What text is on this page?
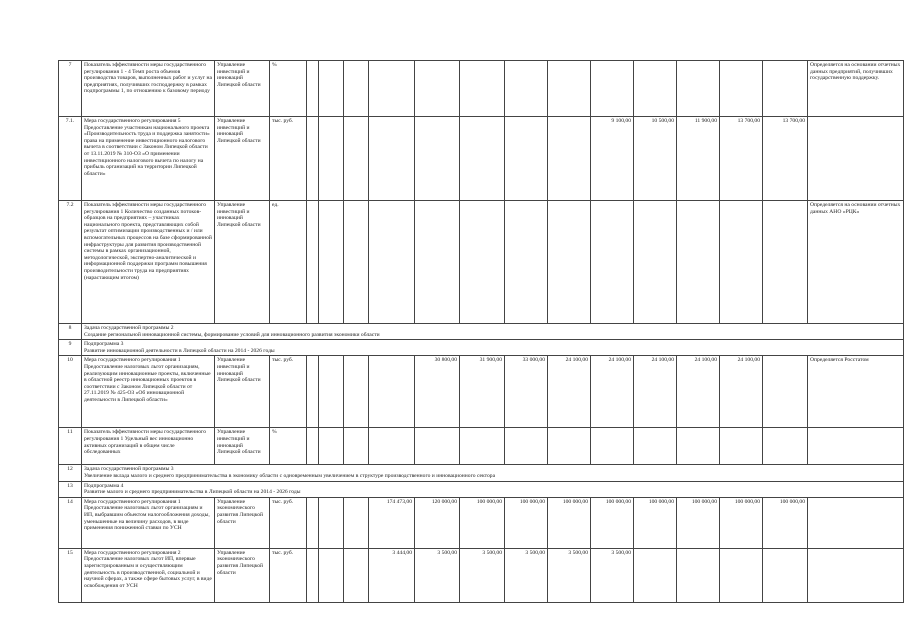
7	Показатель эффективности меры государственного регулирования 1 - 4 Темп роста объемов производства товаров, выполненных работ и услуг на предприятиях, получивших господдержку в рамках подпрограммы 1, по отношению к базовому периоду	Управление инвестиций и инноваций Липецкой области	%														Определяется на основании отчетных данных предприятий, получивших государственную поддержку.
7.1.	Мера государственного регулирования 5 Предоставление участникам национального проекта «Производительность труда и поддержка занятости» права на применение инвестиционного налогового вычета в соответствии с Законом Липецкой области от 13.11.2019 № 310-ОЗ «О применении инвестиционного налогового вычета по налогу на прибыль организаций на территории Липецкой области»	Управление инвестиций и инноваций Липецкой области	тыс. руб.									9 100,00	10 500,00	11 900,00	13 700,00	13 700,00	
7.2	Показатель эффективности меры государственного регулирования 1 Количество созданных потоков-образцов на предприятиях – участниках национального проекта, представляющих собой результат оптимизации производственных и / или вспомогательных процессов на базе сформированной инфраструктуры для развития производственной системы в рамках организационной, методологической, экспертно-аналитической и информационной поддержки программ повышения производительности труда на предприятиях (нарастающим итогом)	Управление инвестиций и инноваций Липецкой области	ед.														Определяется на основании отчетных данных АНО «РЦК»
8	Задача государственной программы 2
Создание региональной инновационной системы, формирование условий для инновационного развития экономики области																

9	Подпрограмма 3
Развитие инновационной деятельности в Липецкой области на 2014 - 2026 годы																

10	Мера государственного регулирования 1 Предоставление налоговых льгот организациям, реализующим инновационные проекты, включенные в областной реестр инновационных проектов в соответствии с Законом Липецкой области от 27.11.2019 № 425-ОЗ «Об инновационной деятельности в Липецкой области»	Управление инвестиций и инноваций Липецкой области	тыс. руб.					30 800,00	31 900,00	33 000,00	24 100,00	24 100,00	24 100,00	24 100,00	24 100,00		Определяется Росстатом
11	Показатель эффективности меры государственного регулирования 1 Удельный вес инновационно активных организаций в общем числе обследованных	Управление инвестиций и инноваций Липецкой области	%														
12	Задача государственной программы 3
Увеличение вклада малого и среднего предпринимательства в экономику области с одновременным увеличением в структуре производственного и инновационного сектора																

13	Подпрограмма 4
Развитие малого и среднего предпринимательства в Липецкой области на 2014 - 2026 годы																

14	Мера государственного регулирования 1 Предоставление налоговых льгот организациям и ИП, выбравшим объектом налогообложения доходы, уменьшенные на величину расходов, в виде применения пониженной ставки по УСН	Управление экономического развития Липецкой области	тыс. руб.				174 473,00	120 000,00	100 000,00	100 000,00	100 000,00	100 000,00	100 000,00	100 000,00	100 000,00	100 000,00	
15	Мера государственного регулирования 2 Предоставление налоговых льгот ИП, впервые зарегистрированным и осуществляющим деятельность в производственной, социальной и научной сферах, а также сфере бытовых услуг, в виде освобождения от УСН	Управление экономического развития Липецкой области	тыс. руб.				3 444,00	3 500,00	3 500,00	3 500,00	3 500,00	3 500,00					
